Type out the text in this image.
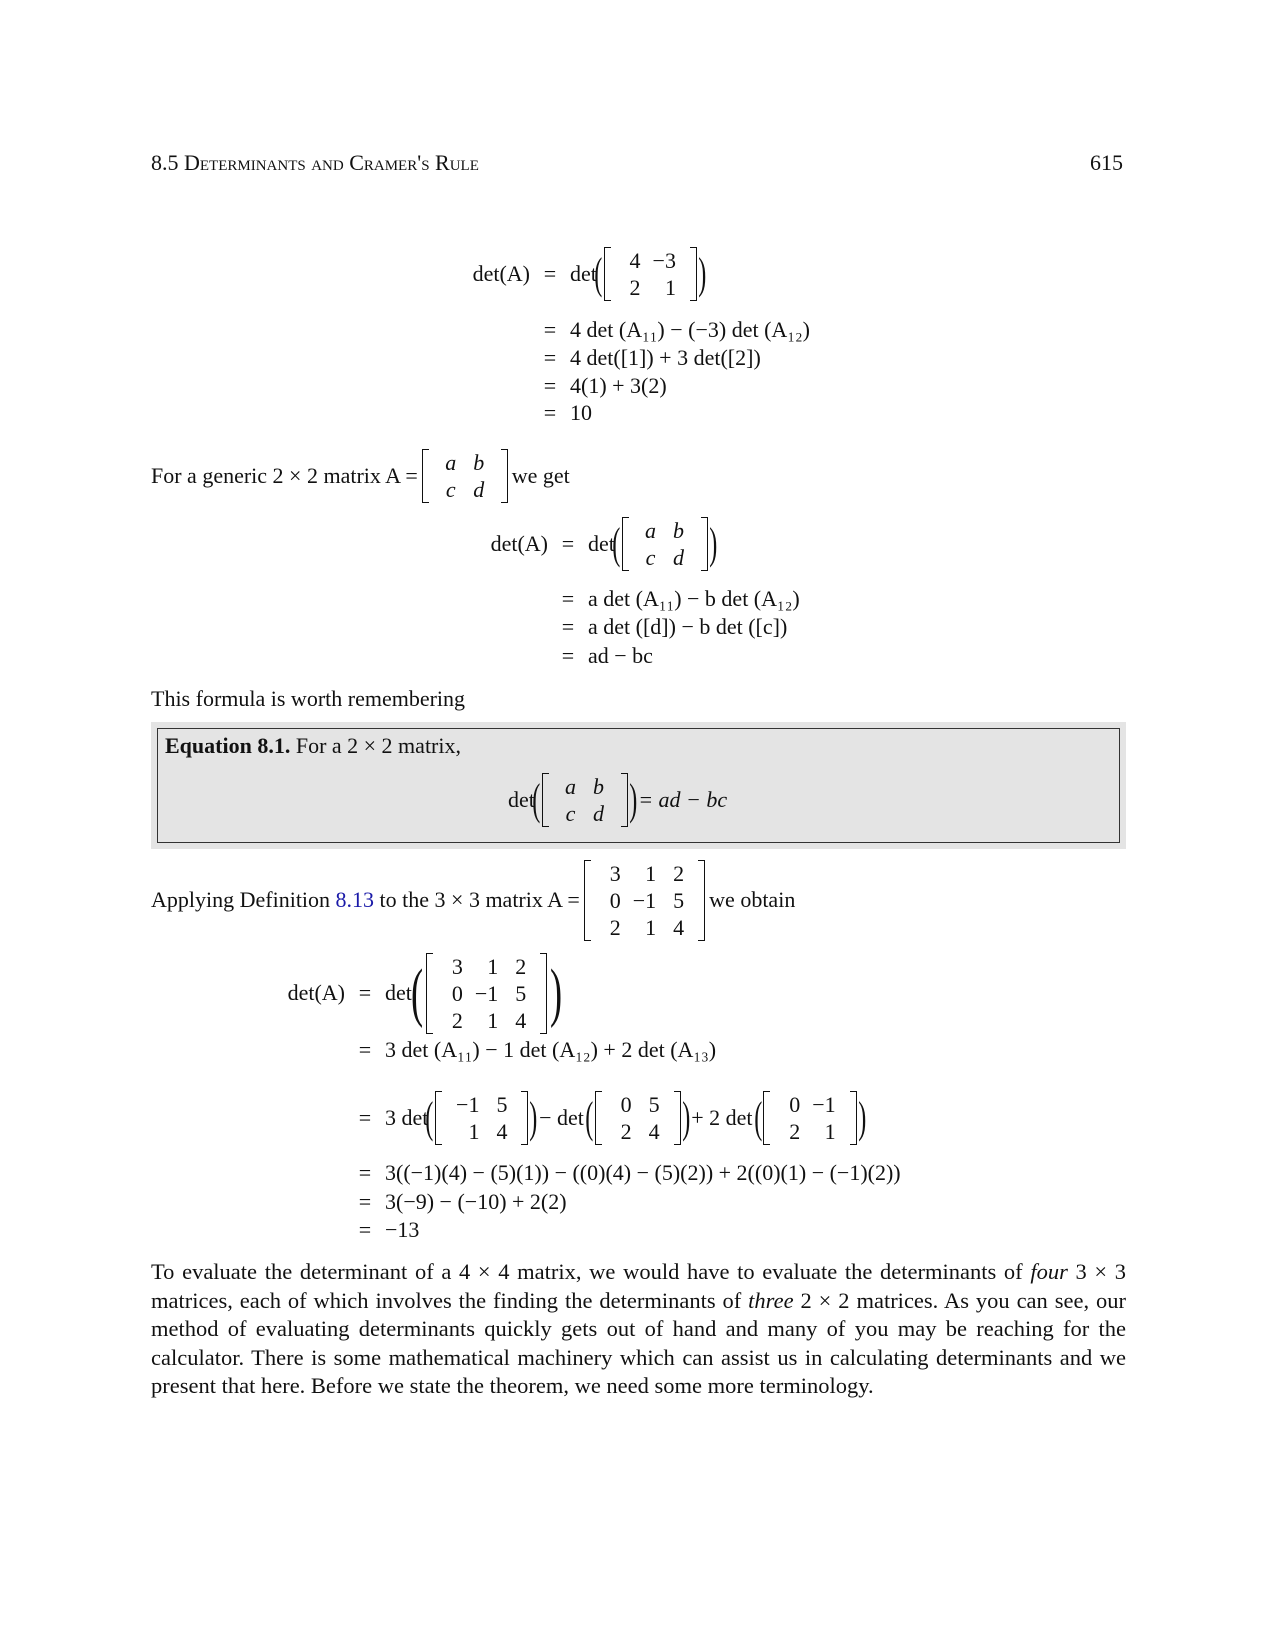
8.5 Determinants and Cramer's Rule	615
det(A) = det
(	4 −3
2	1 )
= 4 det (A₁₁) − (−3) det (A₁₂)
= 4 det([1]) + 3 det([2])
= 4(1) + 3(2)
= 10
For a generic 2 × 2 matrix A =
a b
c d
we get
det(A) = det
(	a b
c d )
= a det (A₁₁) − b det (A₁₂)
= a det ([d]) − b det ([c])
= ad − bc
This formula is worth remembering
Equation 8.1. For a 2 × 2 matrix,
det
(	a b
c d ) = ad − bc
Applying Definition
8.13
to the 3 × 3 matrix A =
3	1 2
0 −1 5
2	1 4
we obtain
det(A) = det
(	3	1 2
0 −1 5
2	1 4 )
= 3 det (A₁₁) − 1 det (A₁₂) + 2 det (A₁₃)
= 3 det
( −1 5
1 4 ) − det (	0 5
2 4 ) + 2 det (	0 −1
2	1 )
= 3((−1)(4) − (5)(1)) − ((0)(4) − (5)(2)) + 2((0)(1) − (−1)(2))
= 3(−9) − (−10) + 2(2)
= −13
To evaluate the determinant of a 4 × 4 matrix, we would have to evaluate the determinants of four 3 × 3 matrices, each of which involves the finding the determinants of three 2 × 2 matrices. As you can see, our method of evaluating determinants quickly gets out of hand and many of you may be reaching for the calculator. There is some mathematical machinery which can assist us in calculating determinants and we present that here. Before we state the theorem, we need some more terminology.
